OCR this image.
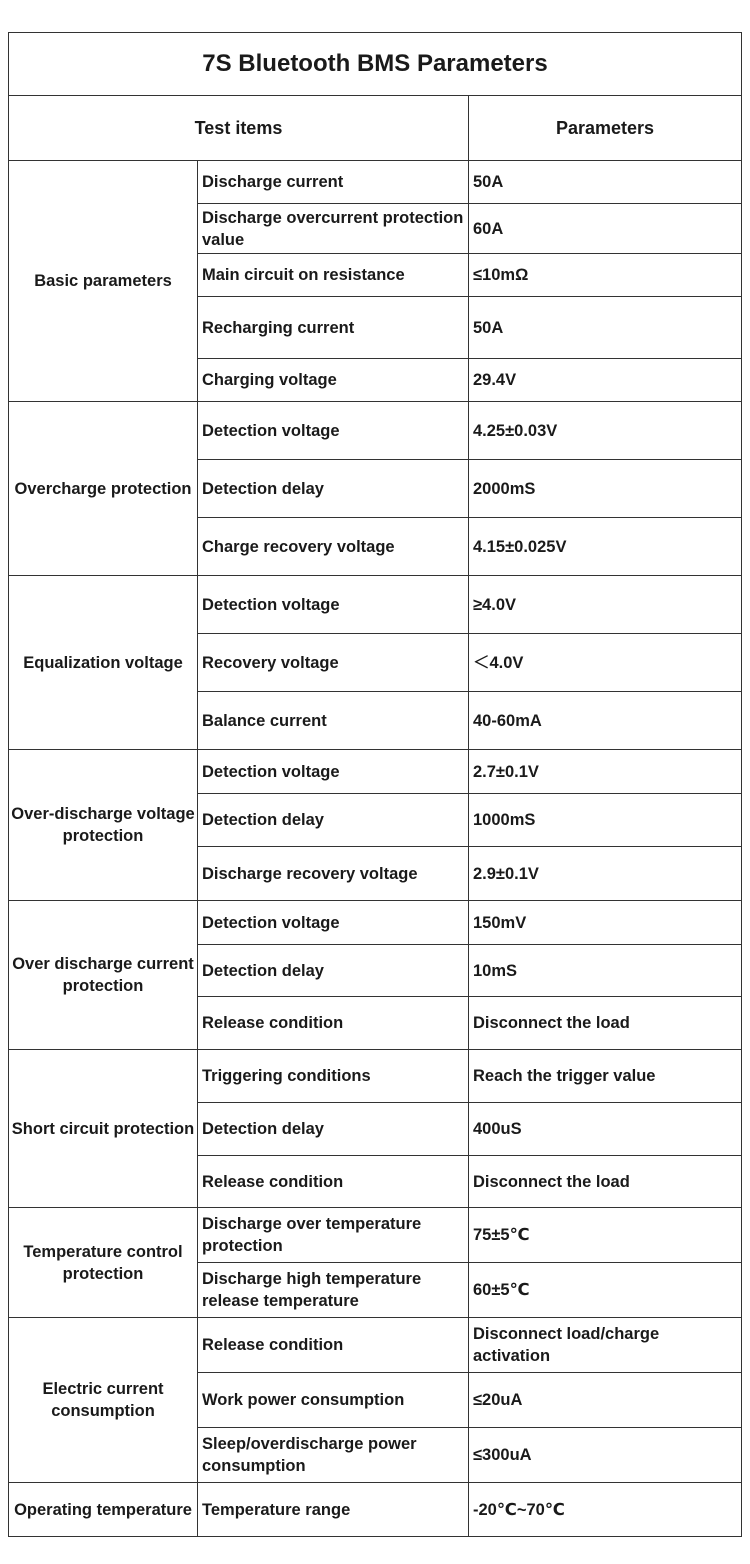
7S Bluetooth BMS Parameters		
Test items		Parameters
Basic parameters	Discharge current	50A
	Discharge overcurrent protection value	60A
	Main circuit on resistance	≤10mΩ
	Recharging current	50A
	Charging voltage	29.4V
Overcharge protection	Detection voltage	4.25±0.03V
	Detection delay	2000mS
	Charge recovery voltage	4.15±0.025V
Equalization voltage	Detection voltage	≥4.0V
	Recovery voltage	＜4.0V
	Balance current	40-60mA
Over-discharge voltage protection	Detection voltage	2.7±0.1V
	Detection delay	1000mS
	Discharge recovery voltage	2.9±0.1V
Over discharge current protection	Detection voltage	150mV
	Detection delay	10mS
	Release condition	Disconnect the load
Short circuit protection	Triggering conditions	Reach the trigger value
	Detection delay	400uS
	Release condition	Disconnect the load
Temperature control protection	Discharge over temperature protection	75±5℃
	Discharge high temperature release temperature	60±5℃
Electric current consumption	Release condition	Disconnect load/charge activation
	Work power consumption	≤20uA
	Sleep/overdischarge power consumption	≤300uA
Operating temperature	Temperature range	-20℃~70℃
